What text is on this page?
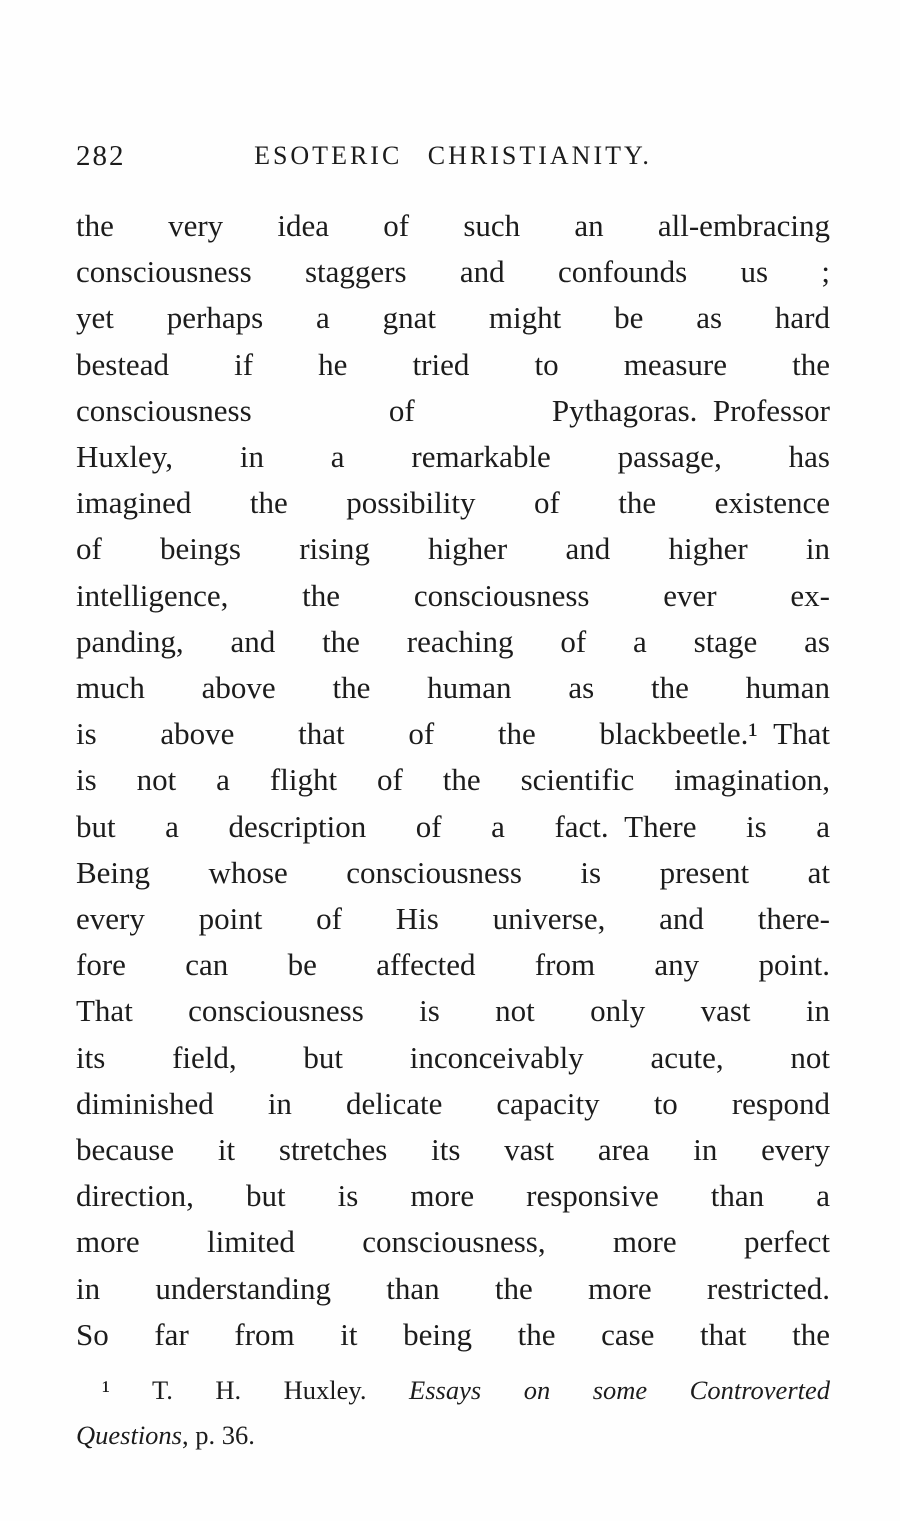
282	ESOTERIC CHRISTIANITY.
the very idea of such an all-embracing
consciousness staggers and confounds us ;
yet perhaps a gnat might be as hard
bestead if he tried to measure the
consciousness of Pythagoras. Professor
Huxley, in a remarkable passage, has
imagined the possibility of the existence
of beings rising higher and higher in
intelligence, the consciousness ever ex-
panding, and the reaching of a stage as
much above the human as the human
is above that of the blackbeetle.¹ That
is not a flight of the scientific imagination,
but a description of a fact. There is a
Being whose consciousness is present at
every point of His universe, and there-
fore can be affected from any point.
That consciousness is not only vast in
its field, but inconceivably acute, not
diminished in delicate capacity to respond
because it stretches its vast area in every
direction, but is more responsive than a
more limited consciousness, more perfect
in understanding than the more restricted.
So far from it being the case that the
¹ T. H. Huxley. Essays on some Controverted
Questions, p. 36.
